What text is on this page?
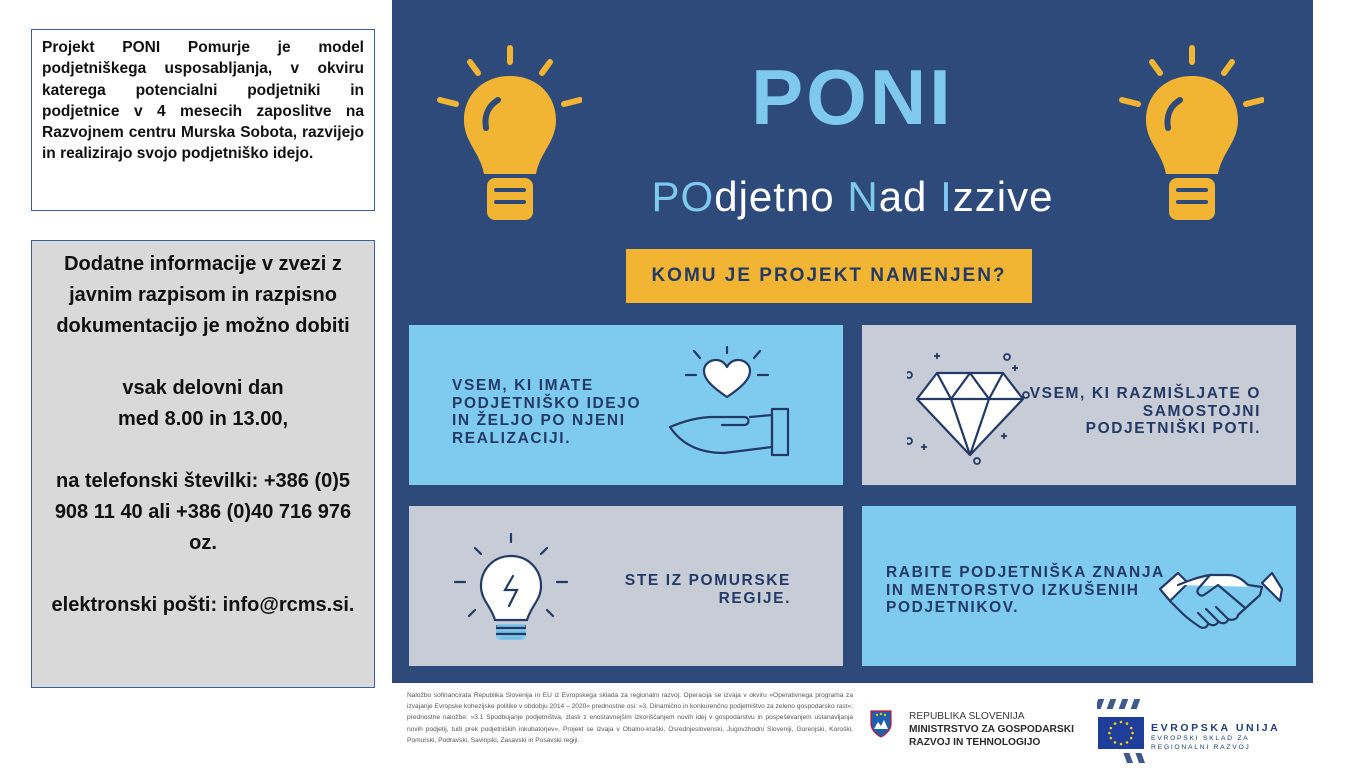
Projekt PONI Pomurje je model podjetniškega usposabljanja, v okviru katerega potencialni podjetniki in podjetnice v 4 mesecih zaposlitve na Razvojnem centru Murska Sobota, razvijejo in realizirajo svojo podjetniško idejo.

Dodatne informacije v zvezi z javnim razpisom in razpisno dokumentacijo je možno dobiti
vsak delovni dan
med 8.00 in 13.00,
na telefonski številki: +386 (0)5 908 11 40 ali +386 (0)40 716 976 oz.
elektronski pošti: info@rcms.si.
PONI
POdjetno Nad Izzive
KOMU JE PROJEKT NAMENJEN?
VSEM, KI IMATE
PODJETNIŠKO IDEJO
IN ŽELJO PO NJENI
REALIZACIJI.
VSEM, KI RAZMIŠLJATE O
SAMOSTOJNI
PODJETNIŠKI POTI.
STE IZ POMURSKE
REGIJE.
RABITE PODJETNIŠKA ZNANJA
IN MENTORSTVO IZKUŠENIH
PODJETNIKOV.
Naložbo sofinancirata Republika Slovenija in EU iz Evropskega sklada za regionalni razvoj. Operacija se izvaja v okviru »Operativnega programa za izvajanje Evropske kohezijske politike v obdobju 2014 – 2020« prednostne osi: »3. Dinamično in konkurenčno podjetništvo za zeleno gospodarsko rast«; prednostne naložbe: »3.1 Spodbujanje podjetništva, zlasti z enostavnejšim izkoriščanjem novih idej v gospodarstvu in pospeševanjem ustanavljanja novih podjetij, tudi prek podjetniških inkubatorjev«. Projekt se izvaja v Obalno-kraški, Osrednjeslovenski, Jugovzhodni Sloveniji, Gorenjski, Koroški, Pomurski, Podravski, Savinjski, Zasavski in Posavski regiji.
REPUBLIKA SLOVENIJA
MINISTRSTVO ZA GOSPODARSKI
RAZVOJ IN TEHNOLOGIJO
EVROPSKA UNIJA
EVROPSKI SKLAD ZA
REGIONALNI RAZVOJ
